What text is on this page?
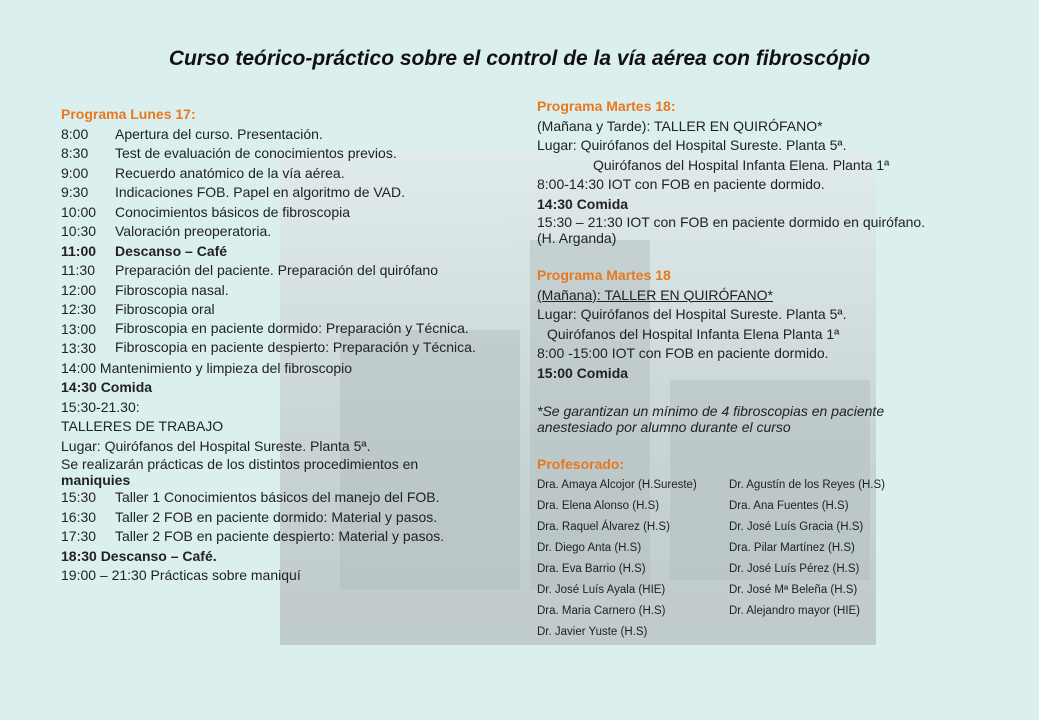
Curso teórico-práctico sobre el control de la vía aérea con fibroscópio
Programa Lunes 17:
8:00	Apertura del curso. Presentación.
8:30	Test de evaluación de conocimientos previos.
9:00	Recuerdo anatómico de la vía aérea.
9:30	Indicaciones FOB. Papel en algoritmo de VAD.
10:00	Conocimientos básicos de fibroscopia
10:30	Valoración preoperatoria.
11:00	Descanso – Café
11:30	Preparación del paciente. Preparación del quirófano
12:00	Fibroscopia nasal.
12:30	Fibroscopia oral
13:00	Fibroscopia en paciente dormido: Preparación y Técnica.
13:30	Fibroscopia en paciente despierto: Preparación y Técnica.
14:00 Mantenimiento y limpieza del fibroscopio
14:30 Comida
15:30-21.30:
TALLERES DE TRABAJO
Lugar: Quirófanos del Hospital Sureste. Planta 5ª.
Se realizarán prácticas de los distintos procedimientos en maniquies
15:30	Taller 1 Conocimientos básicos del manejo del FOB.
16:30	Taller 2 FOB en paciente dormido: Material y pasos.
17:30	Taller 2 FOB en paciente despierto: Material y pasos.
18:30 Descanso – Café.
19:00 – 21:30 Prácticas sobre maniquí
Programa Martes 18:
(Mañana y Tarde): TALLER EN QUIRÓFANO*
Lugar: Quirófanos del Hospital Sureste. Planta 5ª.
Quirófanos del Hospital Infanta Elena. Planta 1ª
8:00-14:30 IOT con FOB en paciente dormido.
14:30 Comida
15:30 – 21:30 IOT con FOB en paciente dormido en quirófano. (H. Arganda)
Programa Martes 18
(Mañana): TALLER EN QUIRÓFANO*
Lugar: Quirófanos del Hospital Sureste. Planta 5ª.
Quirófanos del Hospital Infanta Elena Planta 1ª
8:00 -15:00 IOT con FOB en paciente dormido.
15:00 Comida
*Se garantizan un mínimo de 4 fibroscopias en paciente anestesiado por alumno durante el curso
Profesorado:
Dra. Amaya Alcojor (H.Sureste)	Dr. Agustín de los Reyes (H.S)
Dra. Elena Alonso (H.S)	Dra. Ana Fuentes (H.S)
Dra. Raquel Álvarez (H.S)	Dr. José Luís Gracia (H.S)
Dr. Diego Anta (H.S)	Dra. Pilar Martínez (H.S)
Dra. Eva Barrio (H.S)	Dr. José Luís Pérez (H.S)
Dr. José Luís Ayala (HIE)	Dr. José Mª Beleña (H.S)
Dra. Maria Carnero (H.S)	Dr. Alejandro mayor (HIE)
Dr. Javier Yuste (H.S)
